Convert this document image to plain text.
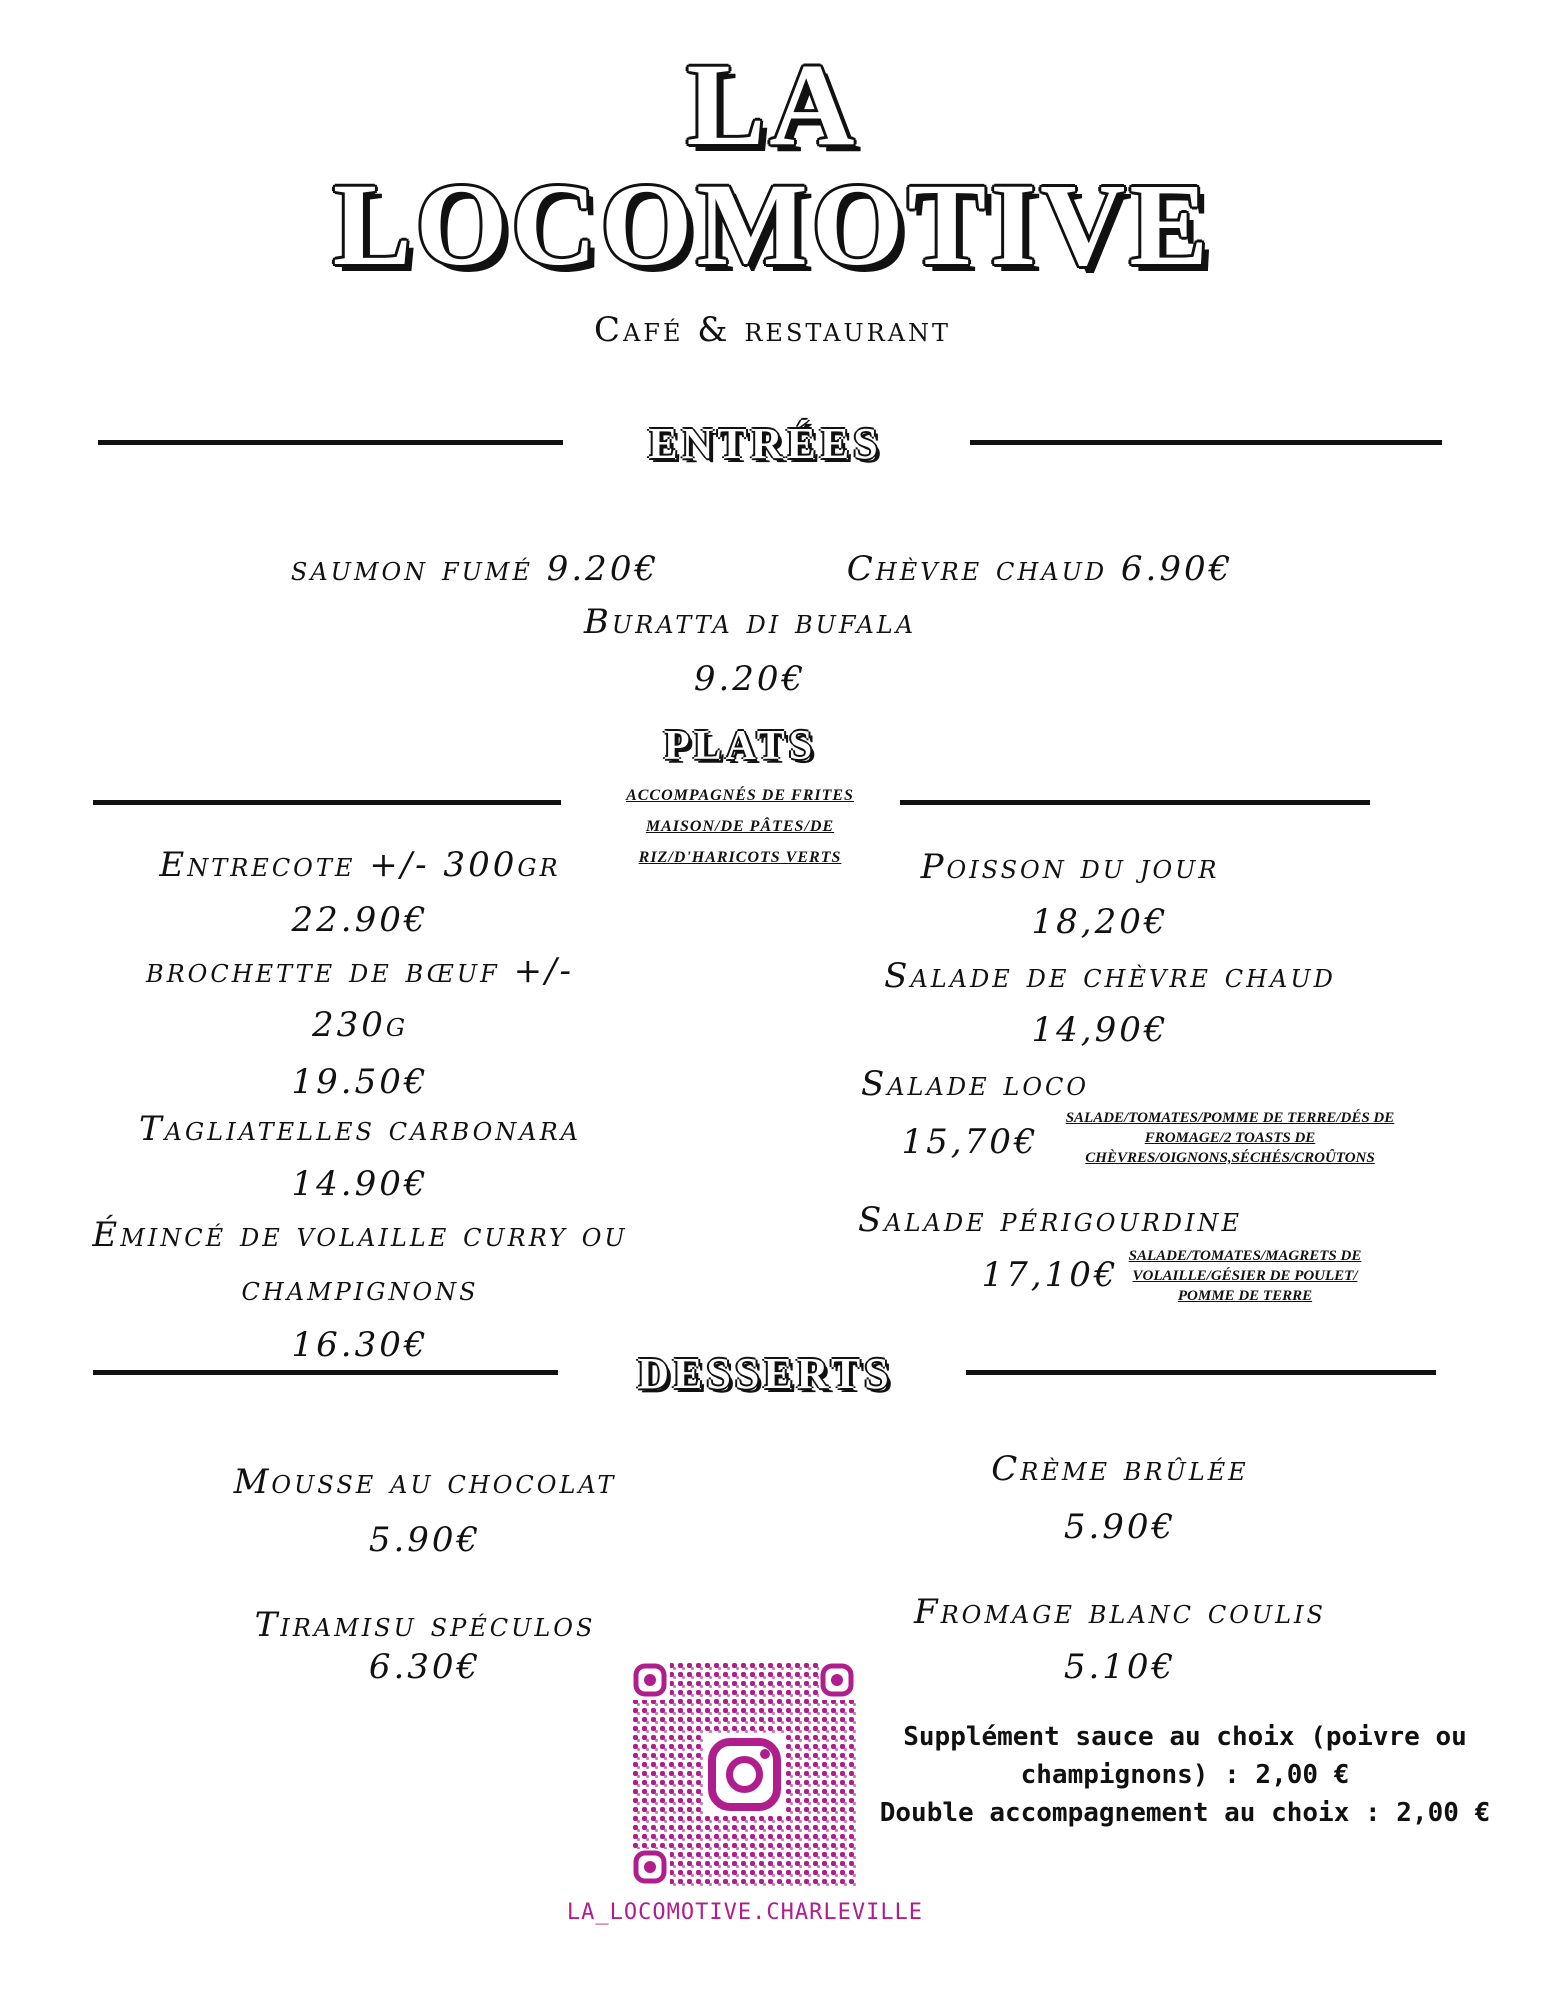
LA
LOCOMOTIVE
Café & restaurant
ENTRÉES
saumon fumé 9.20€	Chèvre chaud 6.90€
Buratta di bufala
9.20€
PLATS
ACCOMPAGNÉS DE FRITES MAISON/DE PÂTES/DE RIZ/D'HARICOTS VERTS
Entrecote +/- 300gr
22.90€
brochette de bœuf +/- 230g
19.50€
Tagliatelles carbonara
14.90€
Émincé de volaille curry ou champignons
16.30€
Poisson du jour
18,20€
Salade de chèvre chaud
14,90€
Salade loco
15,70€
SALADE/TOMATES/POMME DE TERRE/DÉS DE FROMAGE/2 TOASTS DE CHÈVRES/OIGNONS,SÉCHÉS/CROÛTONS
Salade périgourdine
17,10€ SALADE/TOMATES/MAGRETS DE VOLAILLE/GÉSIER DE POULET/ POMME DE TERRE
DESSERTS
Mousse au chocolat
5.90€
Tiramisu spéculos
6.30€
Crème brûlée
5.90€
Fromage blanc coulis
5.10€
LA_LOCOMOTIVE.CHARLEVILLE
Supplément sauce au choix (poivre ou champignons) : 2,00 €
Double accompagnement au choix : 2,00 €
